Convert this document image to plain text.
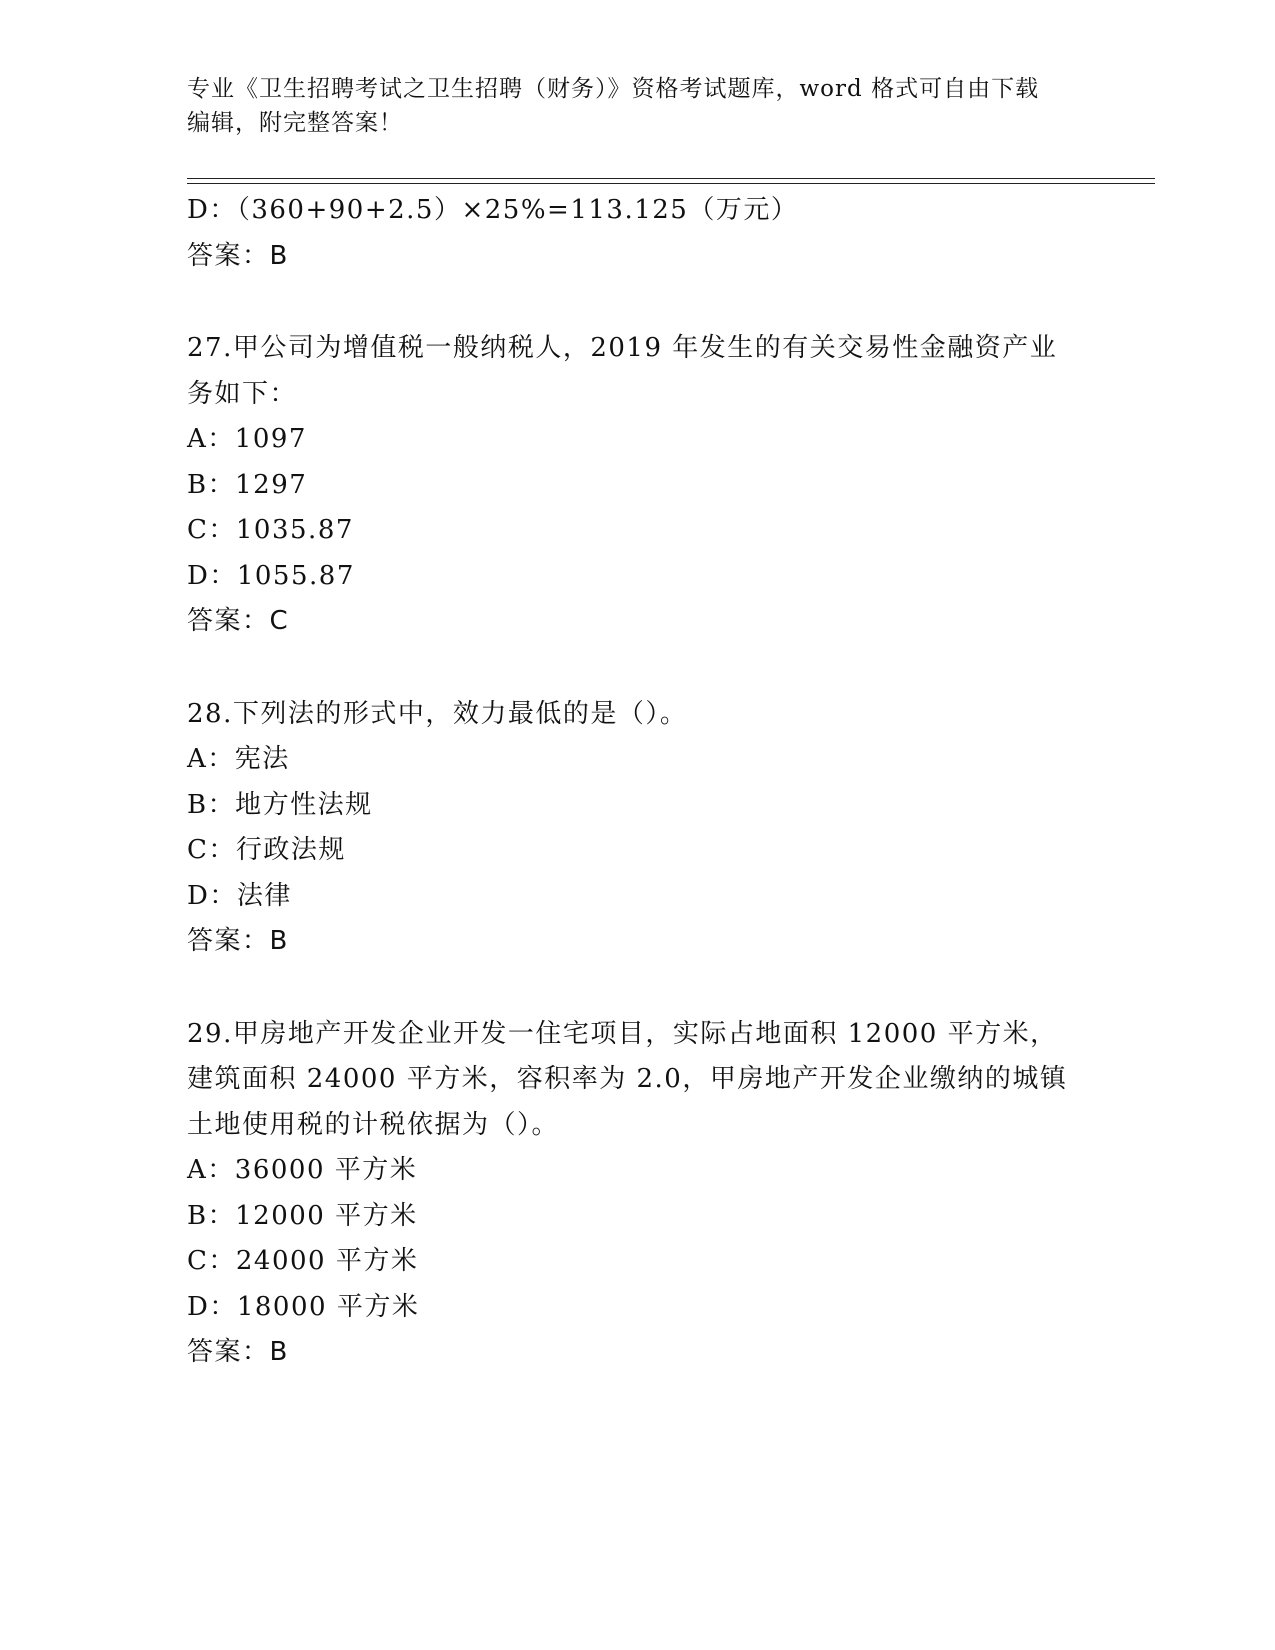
专业《卫生招聘考试之卫生招聘（财务）》资格考试题库，word 格式可自由下载
编辑，附完整答案！
D：（360+90+2.5）×25%=113.125（万元）
答案：B
27.甲公司为增值税一般纳税人，2019 年发生的有关交易性金融资产业
务如下：
A：1097
B：1297
C：1035.87
D：1055.87
答案：C
28.下列法的形式中，效力最低的是（）。
A：宪法
B：地方性法规
C：行政法规
D：法律
答案：B
29.甲房地产开发企业开发一住宅项目，实际占地面积 12000 平方米，
建筑面积 24000 平方米，容积率为 2.0，甲房地产开发企业缴纳的城镇
土地使用税的计税依据为（）。
A：36000 平方米
B：12000 平方米
C：24000 平方米
D：18000 平方米
答案：B
